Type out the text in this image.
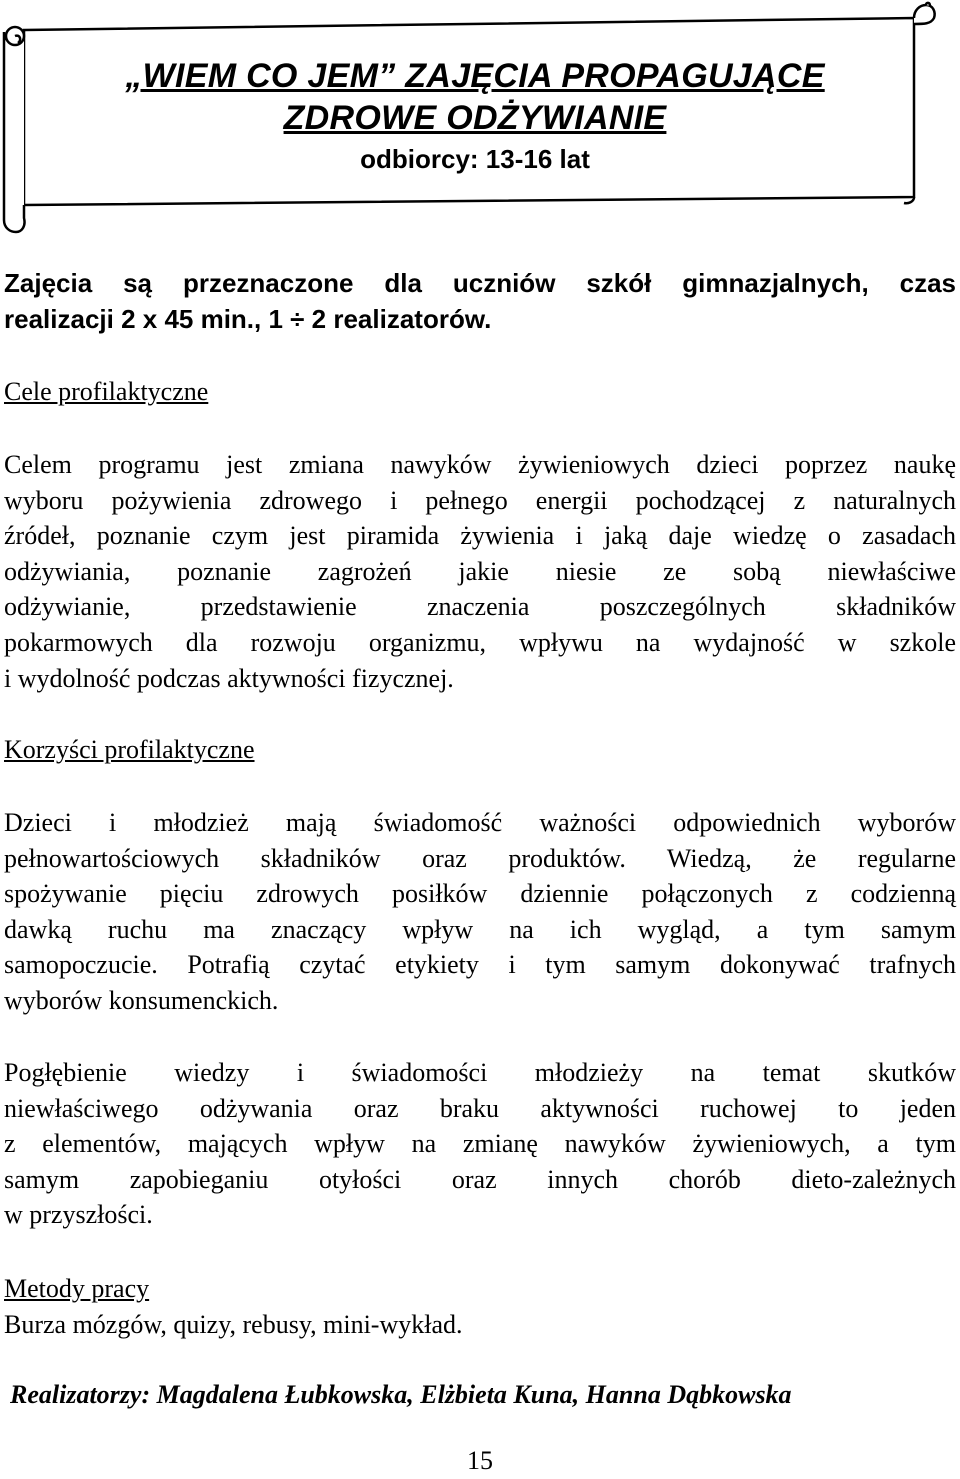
„WIEM CO JEM” ZAJĘCIA PROPAGUJĄCE
ZDROWE ODŻYWIANIE
odbiorcy: 13-16 lat
Zajęcia są przeznaczone dla uczniów szkół gimnazjalnych, czas
realizacji 2 x 45 min., 1 ÷ 2 realizatorów.
Cele profilaktyczne
Celem programu jest zmiana nawyków żywieniowych dzieci poprzez naukę
wyboru pożywienia zdrowego i pełnego energii pochodzącej z naturalnych
źródeł, poznanie czym jest piramida żywienia i jaką daje wiedzę o zasadach
odżywiania, poznanie zagrożeń jakie niesie ze sobą niewłaściwe
odżywianie, przedstawienie znaczenia poszczególnych składników
pokarmowych dla rozwoju organizmu, wpływu na wydajność w szkole
i wydolność podczas aktywności fizycznej.
Korzyści profilaktyczne
Dzieci i młodzież mają świadomość ważności odpowiednich wyborów
pełnowartościowych składników oraz produktów. Wiedzą, że regularne
spożywanie pięciu zdrowych posiłków dziennie połączonych z codzienną
dawką ruchu ma znaczący wpływ na ich wygląd, a tym samym
samopoczucie. Potrafią czytać etykiety i tym samym dokonywać trafnych
wyborów konsumenckich.
Pogłębienie wiedzy i świadomości młodzieży na temat skutków
niewłaściwego odżywania oraz braku aktywności ruchowej to jeden
z elementów, mających wpływ na zmianę nawyków żywieniowych, a tym
samym zapobieganiu otyłości oraz innych chorób dieto-zależnych
w przyszłości.
Metody pracy
Burza mózgów, quizy, rebusy, mini-wykład.
Realizatorzy: Magdalena Łubkowska, Elżbieta Kuna, Hanna Dąbkowska
15
